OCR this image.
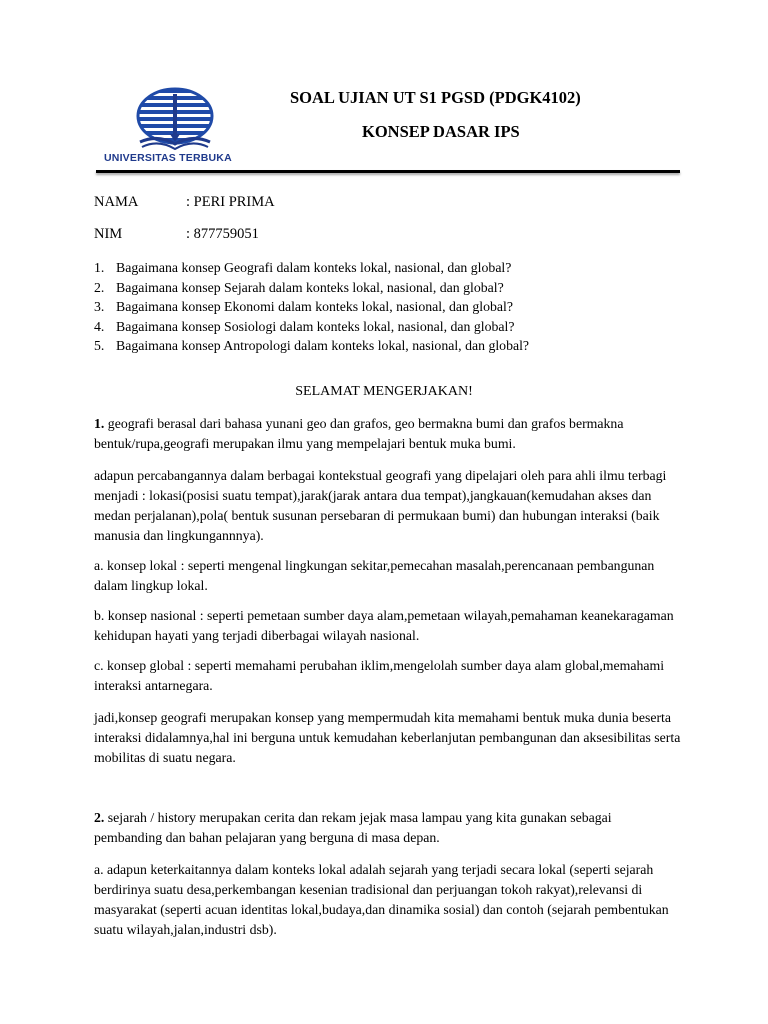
UNIVERSITAS TERBUKA
SOAL UJIAN UT S1 PGSD (PDGK4102)
KONSEP DASAR IPS
NAMA	: PERI PRIMA
NIM	: 877759051
1. Bagaimana konsep Geografi dalam konteks lokal, nasional, dan global?
2. Bagaimana konsep Sejarah dalam konteks lokal, nasional, dan global?
3. Bagaimana konsep Ekonomi dalam konteks lokal, nasional, dan global?
4. Bagaimana konsep Sosiologi dalam konteks lokal, nasional, dan global?
5. Bagaimana konsep Antropologi dalam konteks lokal, nasional, dan global?
SELAMAT MENGERJAKAN!

1. geografi berasal dari bahasa yunani geo dan grafos, geo bermakna bumi dan grafos bermakna bentuk/rupa,geografi merupakan ilmu yang mempelajari bentuk muka bumi.

adapun percabangannya dalam berbagai kontekstual geografi yang dipelajari oleh para ahli ilmu terbagi menjadi : lokasi(posisi suatu tempat),jarak(jarak antara dua tempat),jangkauan(kemudahan akses dan medan perjalanan),pola( bentuk susunan persebaran di permukaan bumi) dan hubungan interaksi (baik manusia dan lingkungannnya).

a. konsep lokal : seperti mengenal lingkungan sekitar,pemecahan masalah,perencanaan pembangunan dalam lingkup lokal.

b. konsep nasional : seperti pemetaan sumber daya alam,pemetaan wilayah,pemahaman keanekaragaman kehidupan hayati yang terjadi diberbagai wilayah nasional.

c. konsep global : seperti memahami perubahan iklim,mengelolah sumber daya alam global,memahami interaksi antarnegara.

jadi,konsep geografi merupakan konsep yang mempermudah kita memahami bentuk muka dunia beserta interaksi didalamnya,hal ini berguna untuk kemudahan keberlanjutan pembangunan dan aksesibilitas serta mobilitas di suatu negara.

2. sejarah / history merupakan cerita dan rekam jejak masa lampau yang kita gunakan sebagai pembanding dan bahan pelajaran yang berguna di masa depan.

a. adapun keterkaitannya dalam konteks lokal adalah sejarah yang terjadi secara lokal (seperti sejarah berdirinya suatu desa,perkembangan kesenian tradisional dan perjuangan tokoh rakyat),relevansi di masyarakat (seperti acuan identitas lokal,budaya,dan dinamika sosial) dan contoh (sejarah pembentukan suatu wilayah,jalan,industri dsb).
